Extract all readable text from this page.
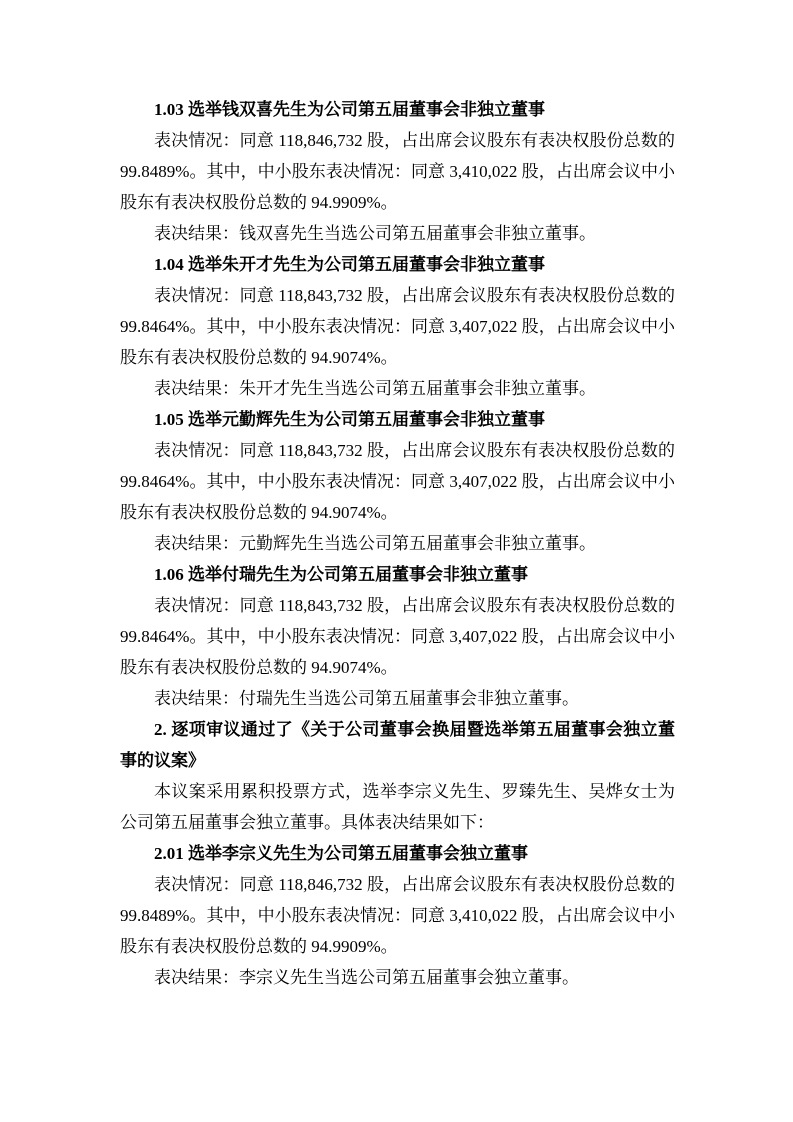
1.03 选举钱双喜先生为公司第五届董事会非独立董事

表决情况：同意 118,846,732 股，占出席会议股东有表决权股份总数的 99.8489%。其中，中小股东表决情况：同意 3,410,022 股，占出席会议中小股东有表决权股份总数的 94.9909%。

表决结果：钱双喜先生当选公司第五届董事会非独立董事。

1.04 选举朱开才先生为公司第五届董事会非独立董事

表决情况：同意 118,843,732 股，占出席会议股东有表决权股份总数的 99.8464%。其中，中小股东表决情况：同意 3,407,022 股，占出席会议中小股东有表决权股份总数的 94.9074%。

表决结果：朱开才先生当选公司第五届董事会非独立董事。

1.05 选举元勤辉先生为公司第五届董事会非独立董事

表决情况：同意 118,843,732 股，占出席会议股东有表决权股份总数的 99.8464%。其中，中小股东表决情况：同意 3,407,022 股，占出席会议中小股东有表决权股份总数的 94.9074%。

表决结果：元勤辉先生当选公司第五届董事会非独立董事。

1.06 选举付瑞先生为公司第五届董事会非独立董事

表决情况：同意 118,843,732 股，占出席会议股东有表决权股份总数的 99.8464%。其中，中小股东表决情况：同意 3,407,022 股，占出席会议中小股东有表决权股份总数的 94.9074%。

表决结果：付瑞先生当选公司第五届董事会非独立董事。

2. 逐项审议通过了《关于公司董事会换届暨选举第五届董事会独立董事的议案》

本议案采用累积投票方式，选举李宗义先生、罗臻先生、吴烨女士为公司第五届董事会独立董事。具体表决结果如下：

2.01 选举李宗义先生为公司第五届董事会独立董事

表决情况：同意 118,846,732 股，占出席会议股东有表决权股份总数的 99.8489%。其中，中小股东表决情况：同意 3,410,022 股，占出席会议中小股东有表决权股份总数的 94.9909%。

表决结果：李宗义先生当选公司第五届董事会独立董事。
